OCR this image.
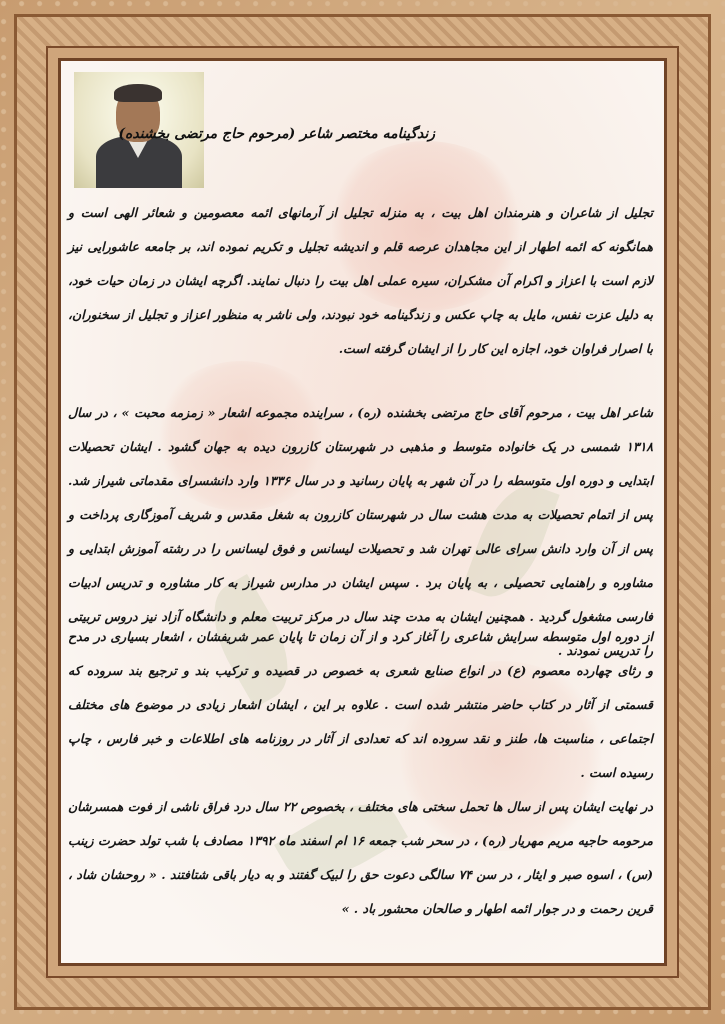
زندگینامه مختصر شاعر (مرحوم حاج مرتضی بخشنده)
تجلیل از شاعران و هنرمندان اهل بیت ، به منزله تجلیل از آرمانهای ائمه معصومین و شعائر الهی است و همانگونه که ائمه اطهار از این مجاهدان عرصه قلم و اندیشه تجلیل و تکریم نموده اند، بر جامعه عاشورایی نیز لازم است با اعزاز و اکرام آن مشکران، سیره عملی اهل بیت را دنبال نمایند. اگرچه ایشان در زمان حیات خود، به دلیل عزت نفس، مایل به چاپ عکس و زندگینامه خود نبودند، ولی ناشر به منظور اعزاز و تجلیل از سخنوران، با اصرار فراوان خود، اجازه این کار را از ایشان گرفته است.
شاعر اهل بیت ، مرحوم آقای حاج مرتضی بخشنده (ره) ، سراینده مجموعه اشعار « زمزمه محبت » ، در سال ۱۳۱۸ شمسی در یک خانواده متوسط و مذهبی در شهرستان کازرون دیده به جهان گشود . ایشان تحصیلات ابتدایی و دوره اول متوسطه را در آن شهر به پایان رسانید و در سال ۱۳۳۶ وارد دانشسرای مقدماتی شیراز شد. پس از اتمام تحصیلات به مدت هشت سال در شهرستان کازرون به شغل مقدس و شریف آموزگاری پرداخت و پس از آن وارد دانش سرای عالی تهران شد و تحصیلات لیسانس و فوق لیسانس را در رشته آموزش ابتدایی و مشاوره و راهنمایی تحصیلی ، به پایان برد . سپس ایشان در مدارس شیراز به کار مشاوره و تدریس ادبیات فارسی مشغول گردید . همچنین ایشان به مدت چند سال در مرکز تربیت معلم و دانشگاه آزاد نیز دروس تربیتی را تدریس نمودند .
از دوره اول متوسطه سرایش شاعری را آغاز کرد و از آن زمان تا پایان عمر شریفشان ، اشعار بسیاری در مدح و رثای چهارده معصوم (ع) در انواع صنایع شعری به خصوص در قصیده و ترکیب بند و ترجیع بند سروده که قسمتی از آثار در کتاب حاضر منتشر شده است . علاوه بر این ، ایشان اشعار زیادی در موضوع های مختلف اجتماعی ، مناسبت ها، طنز و نقد سروده اند که تعدادی از آثار در روزنامه های اطلاعات و خبر فارس ، چاپ رسیده است .
در نهایت ایشان پس از سال ها تحمل سختی های مختلف ، بخصوص ۲۲ سال درد فراق ناشی از فوت همسرشان مرحومه حاجیه مریم مهریار (ره) ، در سحر شب جمعه ۱۶ ام اسفند ماه ۱۳۹۲ مصادف با شب تولد حضرت زینب (س) ، اسوه صبر و ایثار ، در سن ۷۴ سالگی دعوت حق را لبیک گفتند و به دیار باقی شتافتند . « روحشان شاد ، قرین رحمت و در جوار ائمه اطهار و صالحان محشور باد . »
